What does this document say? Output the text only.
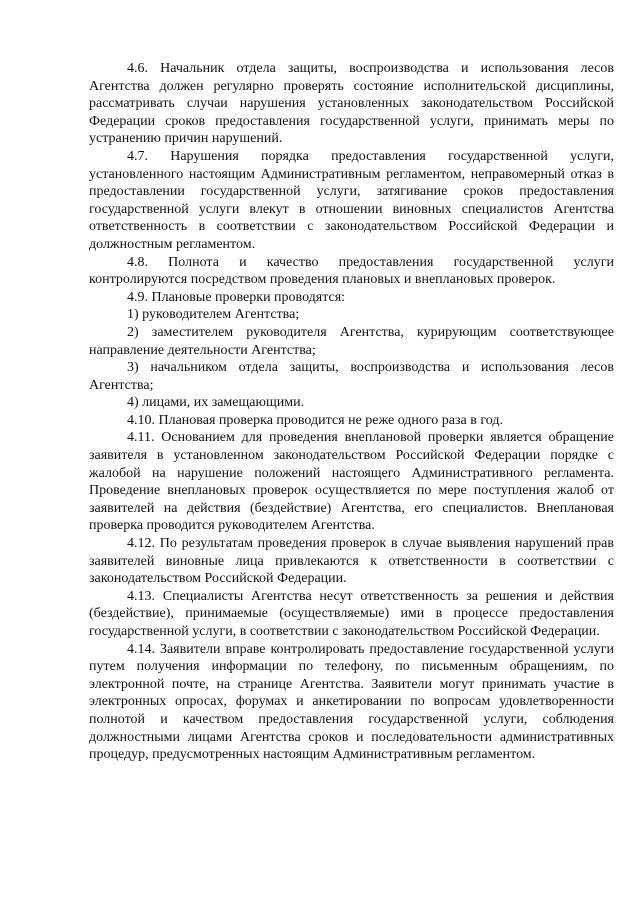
4.6. Начальник отдела защиты, воспроизводства и использования лесов Агентства должен регулярно проверять состояние исполнительской дисциплины, рассматривать случаи нарушения установленных законодательством Российской Федерации сроков предоставления государственной услуги, принимать меры по устранению причин нарушений.

4.7. Нарушения порядка предоставления государственной услуги, установленного настоящим Административным регламентом, неправомерный отказ в предоставлении государственной услуги, затягивание сроков предоставления государственной услуги влекут в отношении виновных специалистов Агентства ответственность в соответствии с законодательством Российской Федерации и должностным регламентом.

4.8. Полнота и качество предоставления государственной услуги контролируются посредством проведения плановых и внеплановых проверок.

4.9. Плановые проверки проводятся:

1) руководителем Агентства;

2) заместителем руководителя Агентства, курирующим соответствующее направление деятельности Агентства;

3) начальником отдела защиты, воспроизводства и использования лесов Агентства;

4) лицами, их замещающими.

4.10. Плановая проверка проводится не реже одного раза в год.

4.11. Основанием для проведения внеплановой проверки является обращение заявителя в установленном законодательством Российской Федерации порядке с жалобой на нарушение положений настоящего Административного регламента. Проведение внеплановых проверок осуществляется по мере поступления жалоб от заявителей на действия (бездействие) Агентства, его специалистов. Внеплановая проверка проводится руководителем Агентства.

4.12. По результатам проведения проверок в случае выявления нарушений прав заявителей виновные лица привлекаются к ответственности в соответствии с законодательством Российской Федерации.

4.13. Специалисты Агентства несут ответственность за решения и действия (бездействие), принимаемые (осуществляемые) ими в процессе предоставления государственной услуги, в соответствии с законодательством Российской Федерации.

4.14. Заявители вправе контролировать предоставление государственной услуги путем получения информации по телефону, по письменным обращениям, по электронной почте, на странице Агентства. Заявители могут принимать участие в электронных опросах, форумах и анкетировании по вопросам удовлетворенности полнотой и качеством предоставления государственной услуги, соблюдения должностными лицами Агентства сроков и последовательности административных процедур, предусмотренных настоящим Административным регламентом.
